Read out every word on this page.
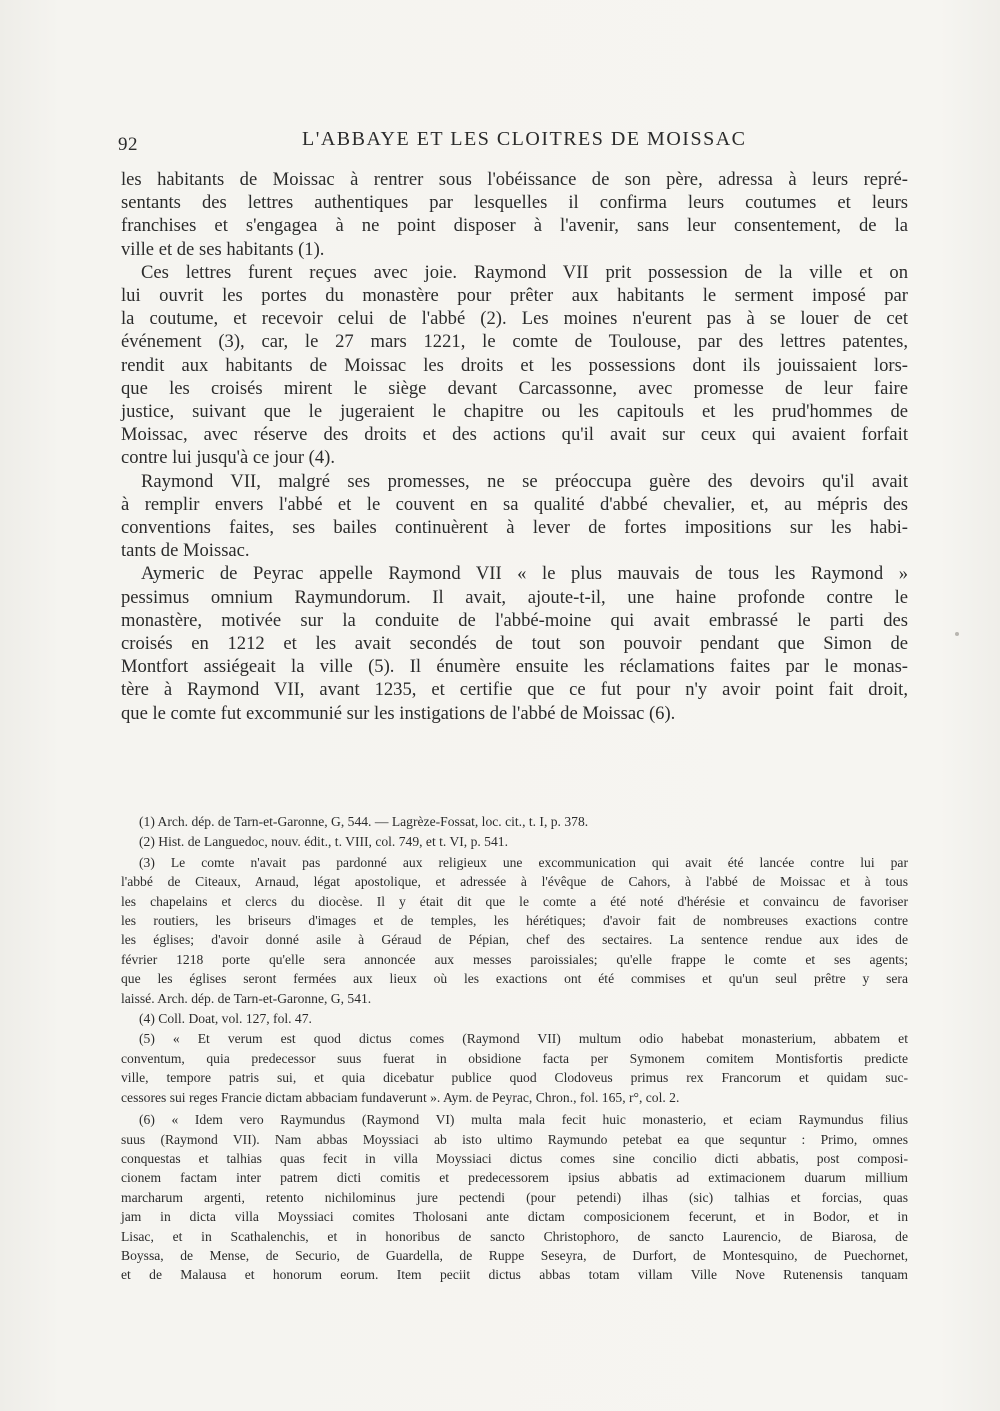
92	L'ABBAYE ET LES CLOITRES DE MOISSAC

les habitants de Moissac à rentrer sous l'obéissance de son père, adressa à leurs repré-
sentants des lettres authentiques par lesquelles il confirma leurs coutumes et leurs
franchises et s'engagea à ne point disposer à l'avenir, sans leur consentement, de la
ville et de ses habitants (1).

Ces lettres furent reçues avec joie. Raymond VII prit possession de la ville et on
lui ouvrit les portes du monastère pour prêter aux habitants le serment imposé par
la coutume, et recevoir celui de l'abbé (2). Les moines n'eurent pas à se louer de cet
événement (3), car, le 27 mars 1221, le comte de Toulouse, par des lettres patentes,
rendit aux habitants de Moissac les droits et les possessions dont ils jouissaient lors-
que les croisés mirent le siège devant Carcassonne, avec promesse de leur faire
justice, suivant que le jugeraient le chapitre ou les capitouls et les prud'hommes de
Moissac, avec réserve des droits et des actions qu'il avait sur ceux qui avaient forfait
contre lui jusqu'à ce jour (4).

Raymond VII, malgré ses promesses, ne se préoccupa guère des devoirs qu'il avait
à remplir envers l'abbé et le couvent en sa qualité d'abbé chevalier, et, au mépris des
conventions faites, ses bailes continuèrent à lever de fortes impositions sur les habi-
tants de Moissac.

Aymeric de Peyrac appelle Raymond VII « le plus mauvais de tous les Raymond »
pessimus omnium Raymundorum. Il avait, ajoute-t-il, une haine profonde contre le
monastère, motivée sur la conduite de l'abbé-moine qui avait embrassé le parti des
croisés en 1212 et les avait secondés de tout son pouvoir pendant que Simon de
Montfort assiégeait la ville (5). Il énumère ensuite les réclamations faites par le monas-
tère à Raymond VII, avant 1235, et certifie que ce fut pour n'y avoir point fait droit,
que le comte fut excommunié sur les instigations de l'abbé de Moissac (6).

(1) Arch. dép. de Tarn-et-Garonne, G, 544. — Lagrèze-Fossat, loc. cit., t. I, p. 378.

(2) Hist. de Languedoc, nouv. édit., t. VIII, col. 749, et t. VI, p. 541.

(3) Le comte n'avait pas pardonné aux religieux une excommunication qui avait été lancée contre lui par
l'abbé de Citeaux, Arnaud, légat apostolique, et adressée à l'évêque de Cahors, à l'abbé de Moissac et à tous
les chapelains et clercs du diocèse. Il y était dit que le comte a été noté d'hérésie et convaincu de favoriser
les routiers, les briseurs d'images et de temples, les hérétiques; d'avoir fait de nombreuses exactions contre
les églises; d'avoir donné asile à Géraud de Pépian, chef des sectaires. La sentence rendue aux ides de
février 1218 porte qu'elle sera annoncée aux messes paroissiales; qu'elle frappe le comte et ses agents;
que les églises seront fermées aux lieux où les exactions ont été commises et qu'un seul prêtre y sera
laissé. Arch. dép. de Tarn-et-Garonne, G, 541.

(4) Coll. Doat, vol. 127, fol. 47.

(5) « Et verum est quod dictus comes (Raymond VII) multum odio habebat monasterium, abbatem et
conventum, quia predecessor suus fuerat in obsidione facta per Symonem comitem Montisfortis predicte
ville, tempore patris sui, et quia dicebatur publice quod Clodoveus primus rex Francorum et quidam suc-
cessores sui reges Francie dictam abbaciam fundaverunt ». Aym. de Peyrac, Chron., fol. 165, r°, col. 2.

(6) « Idem vero Raymundus (Raymond VI) multa mala fecit huic monasterio, et eciam Raymundus filius
suus (Raymond VII). Nam abbas Moyssiaci ab isto ultimo Raymundo petebat ea que sequntur : Primo, omnes
conquestas et talhias quas fecit in villa Moyssiaci dictus comes sine concilio dicti abbatis, post composi-
cionem factam inter patrem dicti comitis et predecessorem ipsius abbatis ad extimacionem duarum millium
marcharum argenti, retento nichilominus jure pectendi (pour petendi) ilhas (sic) talhias et forcias, quas
jam in dicta villa Moyssiaci comites Tholosani ante dictam composicionem fecerunt, et in Bodor, et in
Lisac, et in Scathalenchis, et in honoribus de sancto Christophoro, de sancto Laurencio, de Biarosa, de
Boyssa, de Mense, de Securio, de Guardella, de Ruppe Seseyra, de Durfort, de Montesquino, de Puechornet,
et de Malausa et honorum eorum. Item peciit dictus abbas totam villam Ville Nove Rutenensis tanquam
